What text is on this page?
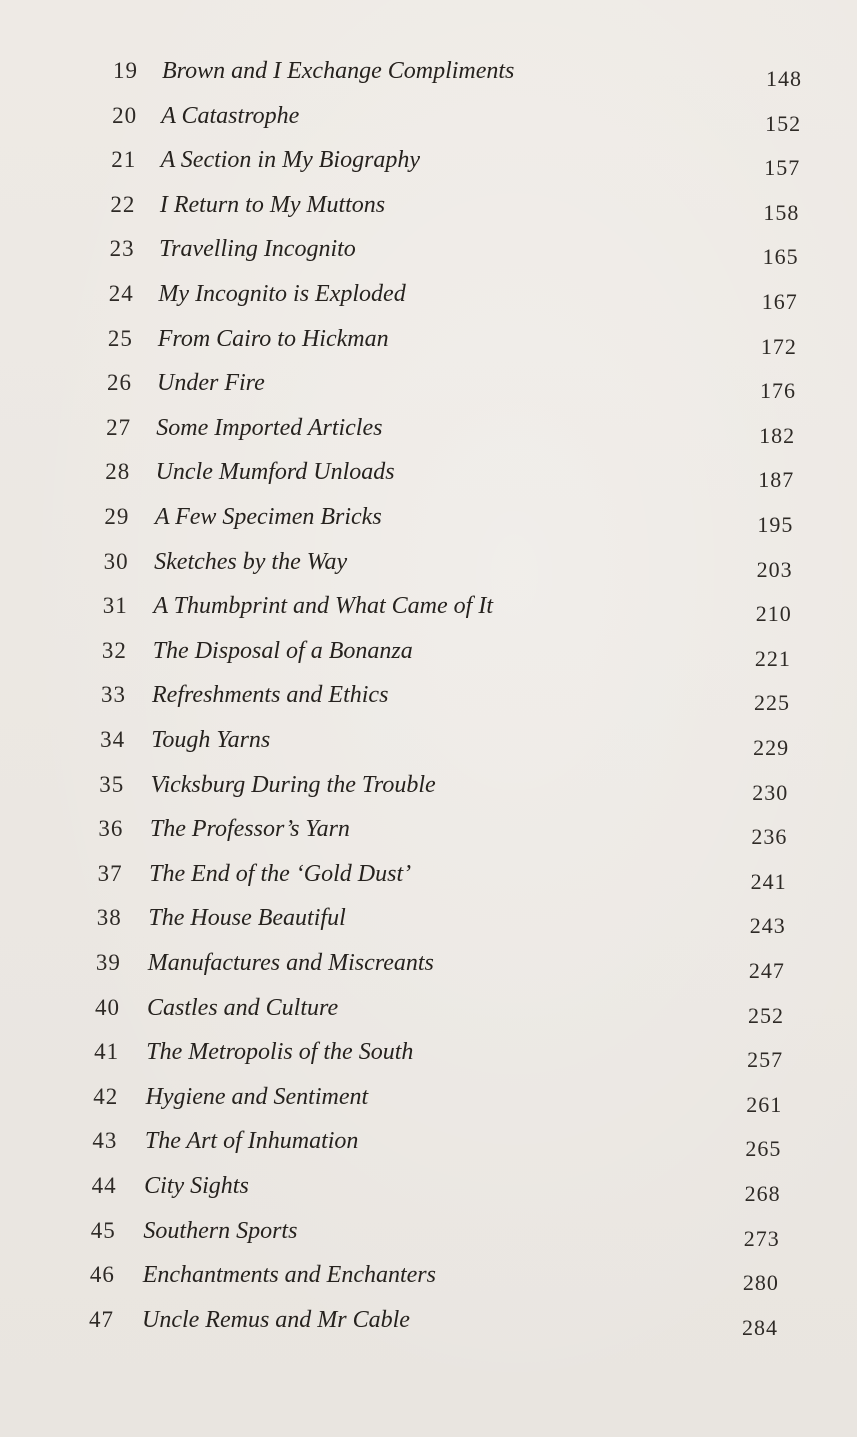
19 Brown and I Exchange Compliments	148
20 A Catastrophe	152
21 A Section in My Biography	157
22 I Return to My Muttons	158
23 Travelling Incognito	165
24 My Incognito is Exploded	167
25 From Cairo to Hickman	172
26 Under Fire	176
27 Some Imported Articles	182
28 Uncle Mumford Unloads	187
29 A Few Specimen Bricks	195
30 Sketches by the Way	203
31 A Thumbprint and What Came of It	210
32 The Disposal of a Bonanza	221
33 Refreshments and Ethics	225
34 Tough Yarns	229
35 Vicksburg During the Trouble	230
36 The Professor’s Yarn	236
37 The End of the ‘Gold Dust’	241
38 The House Beautiful	243
39 Manufactures and Miscreants	247
40 Castles and Culture	252
41 The Metropolis of the South	257
42 Hygiene and Sentiment	261
43 The Art of Inhumation	265
44 City Sights	268
45 Southern Sports	273
46 Enchantments and Enchanters	280
47 Uncle Remus and Mr Cable	284
